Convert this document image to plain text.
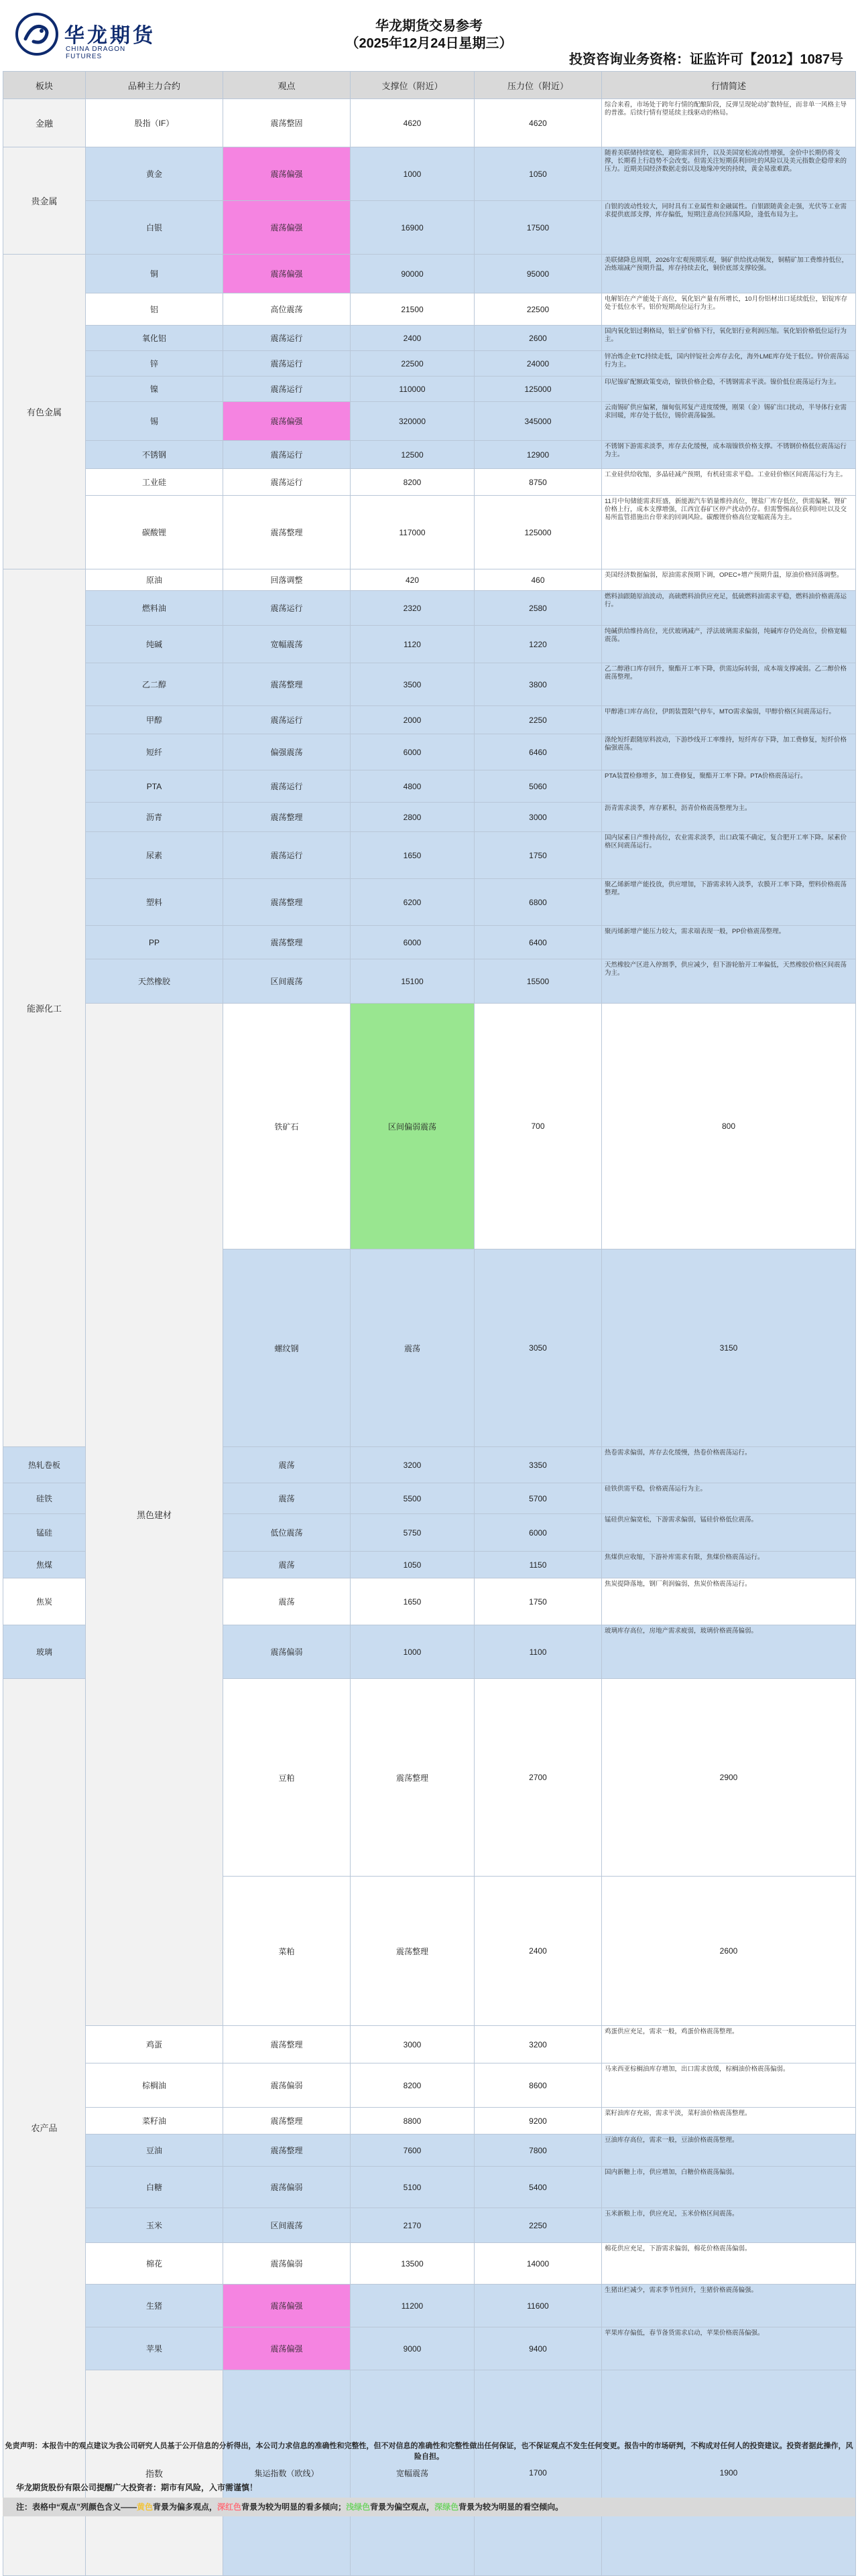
华龙期货
CHINA DRAGON FUTURES
华龙期货交易参考
（2025年12月24日星期三）
投资咨询业务资格：证监许可【2012】1087号
板块	品种主力合约	观点	支撑位（附近）	压力位（附近）	行情简述	
金融	股指（IF）	震荡整固	4620	4620	综合来看，市场处于跨年行情的配酿阶段，反弹呈现轮动扩散特征，而非单一风格主导的普涨。后续行情有望延续主线驱动的格局。	
贵金属	黄金	震荡偏强	1000	1050	随着美联储持续宽松，避险需求回升，以及美国宽松流动性增强，金价中长期仍将支撑，长期看上行趋势不会改变。但需关注短期获利回吐的风险以及美元指数企稳带来的压力。近期美国经济数据走弱以及地缘冲突的持续，黄金易涨难跌。	
	白银	震荡偏强	16900	17500	白银的波动性较大，同时具有工业属性和金融属性。白银跟随黄金走强，光伏等工业需求提供底部支撑，库存偏低，短期注意高位回落风险，逢低布局为主。	
有色金属	铜	震荡偏强	90000	95000	美联储降息周期，2026年宏观预期乐观，铜矿供给扰动频发，铜精矿加工费维持低位，冶炼端减产预期升温，库存持续去化，铜价底部支撑较强。	
	铝	高位震荡	21500	22500	电解铝在产产能处于高位，氧化铝产量有所增长，10月份铝材出口延续低位，铝锭库存处于低位水平。铝价短期高位运行为主。	
	氧化铝	震荡运行	2400	2600	国内氧化铝过剩格局，铝土矿价格下行，氧化铝行业利润压缩。氧化铝价格低位运行为主。	
	锌	震荡运行	22500	24000	锌冶炼企业TC持续走低，国内锌锭社会库存去化，海外LME库存处于低位。锌价震荡运行为主。	
	镍	震荡运行	110000	125000	印尼镍矿配额政策变动，镍铁价格企稳，不锈钢需求平淡。镍价低位震荡运行为主。	
	锡	震荡偏强	320000	345000	云南锡矿供应偏紧，缅甸佤邦复产进度缓慢，刚果（金）锡矿出口扰动，半导体行业需求回暖，库存处于低位，锡价震荡偏强。	
	不锈钢	震荡运行	12500	12900	不锈钢下游需求淡季，库存去化缓慢，成本端镍铁价格支撑。不锈钢价格低位震荡运行为主。	
	工业硅	震荡运行	8200	8750	工业硅供给收缩，多晶硅减产预期，有机硅需求平稳。工业硅价格区间震荡运行为主。	
	碳酸锂	震荡整理	117000	125000	11月中旬储能需求旺盛，新能源汽车销量维持高位，锂盐厂库存低位，供需偏紧。锂矿价格上行，成本支撑增强，江西宜春矿区停产扰动仍存。但需警惕高位获利回吐以及交易所监管措施出台带来的回调风险。碳酸锂价格高位宽幅震荡为主。	
能源化工	原油	回落调整	420	460	美国经济数据偏弱，原油需求预期下调，OPEC+增产预期升温，原油价格回落调整。	
	燃料油	震荡运行	2320	2580	燃料油跟随原油波动，高硫燃料油供应充足，低硫燃料油需求平稳，燃料油价格震荡运行。	
	纯碱	宽幅震荡	1120	1220	纯碱供给维持高位，光伏玻璃减产，浮法玻璃需求偏弱，纯碱库存仍处高位，价格宽幅震荡。	
	乙二醇	震荡整理	3500	3800	乙二醇港口库存回升，聚酯开工率下降，供需边际转弱，成本端支撑减弱。乙二醇价格震荡整理。	
	甲醇	震荡运行	2000	2250	甲醇港口库存高位，伊朗装置限气停车，MTO需求偏弱，甲醇价格区间震荡运行。	
	短纤	偏强震荡	6000	6460	涤纶短纤跟随原料波动，下游纱线开工率维持，短纤库存下降，加工费修复，短纤价格偏强震荡。	
	PTA	震荡运行	4800	5060	PTA装置检修增多，加工费修复，聚酯开工率下降。PTA价格震荡运行。	
	沥青	震荡整理	2800	3000	沥青需求淡季，库存累积，沥青价格震荡整理为主。	
	尿素	震荡运行	1650	1750	国内尿素日产维持高位，农业需求淡季，出口政策不确定，复合肥开工率下降。尿素价格区间震荡运行。	
	塑料	震荡整理	6200	6800	聚乙烯新增产能投放，供应增加，下游需求转入淡季，农膜开工率下降，塑料价格震荡整理。	
	PP	震荡整理	6000	6400	聚丙烯新增产能压力较大，需求端表现一般，PP价格震荡整理。	
	天然橡胶	区间震荡	15100	15500	天然橡胶产区进入停割季，供应减少，但下游轮胎开工率偏低，天然橡胶价格区间震荡为主。	
	黑色建材	铁矿石	区间偏弱震荡	700	800	
		螺纹钢	震荡	3050	3150	
热轧卷板		震荡	3200	3350	热卷需求偏弱，库存去化缓慢，热卷价格震荡运行。	
硅铁		震荡	5500	5700	硅铁供需平稳，价格震荡运行为主。	
锰硅		低位震荡	5750	6000	锰硅供应偏宽松，下游需求偏弱，锰硅价格低位震荡。	
焦煤		震荡	1050	1150	焦煤供应收缩，下游补库需求有限，焦煤价格震荡运行。	
焦炭		震荡	1650	1750	焦炭提降落地，钢厂利润偏弱，焦炭价格震荡运行。	
玻璃		震荡偏弱	1000	1100	玻璃库存高位，房地产需求疲弱，玻璃价格震荡偏弱。	
农产品		豆粕	震荡整理	2700	2900	
		菜粕	震荡整理	2400	2600	
	鸡蛋	震荡整理	3000	3200	鸡蛋供应充足，需求一般，鸡蛋价格震荡整理。	
	棕榈油	震荡偏弱	8200	8600	马来西亚棕榈油库存增加，出口需求放缓，棕榈油价格震荡偏弱。	
	菜籽油	震荡整理	8800	9200	菜籽油库存充裕，需求平淡，菜籽油价格震荡整理。	
	豆油	震荡整理	7600	7800	豆油库存高位，需求一般，豆油价格震荡整理。	
	白糖	震荡偏弱	5100	5400	国内新糖上市，供应增加，白糖价格震荡偏弱。	
	玉米	区间震荡	2170	2250	玉米新粮上市，供应充足，玉米价格区间震荡。	
	棉花	震荡偏弱	13500	14000	棉花供应充足，下游需求偏弱，棉花价格震荡偏弱。	
	生猪	震荡偏强	11200	11600	生猪出栏减少，需求季节性回升，生猪价格震荡偏强。	
	苹果	震荡偏强	9000	9400	苹果库存偏低，春节备货需求启动，苹果价格震荡偏强。	
	指数	集运指数（欧线）	宽幅震荡	1700	1900	
免责声明：本报告中的观点建议为我公司研究人员基于公开信息的分析得出，本公司力求信息的准确性和完整性，但不对信息的准确性和完整性做出任何保证，也不保证观点不发生任何变更。报告中的市场研判，不构成对任何人的投资建议。投资者据此操作，风险自担。
华龙期货股份有限公司提醒广大投资者：期市有风险，入市需谨慎！
注：表格中“观点”列颜色含义——黄色背景为偏多观点，深红色背景为较为明显的看多倾向；浅绿色背景为偏空观点，深绿色背景为较为明显的看空倾向。
